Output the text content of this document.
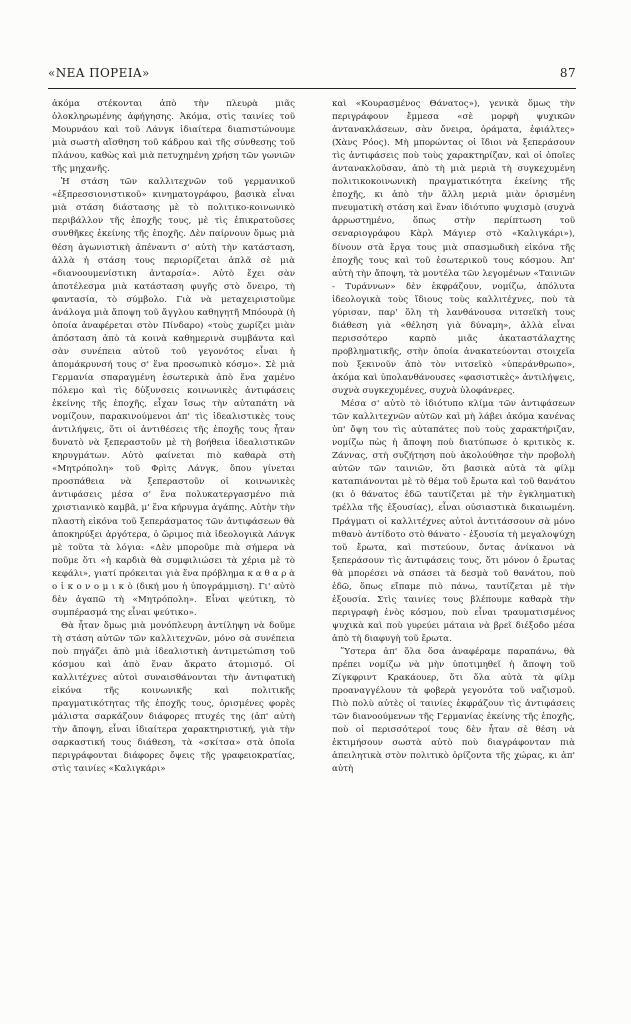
«ΝΕΑ ΠΟΡΕΙΑ»	87

ἀκόμα στέκονται ἀπὸ τὴν πλευρὰ μιᾶς ὁλοκληρωμένης ἀφήγησης. Ἀκόμα, στὶς ταινίες τοῦ Μουρνάου καὶ τοῦ Λάνγκ ἰδιαίτερα διαπιστώνουμε μιὰ σωστὴ αἴσθηση τοῦ κάδρου καὶ τῆς σύνθεσης τοῦ πλάνου, καθὼς καὶ μιὰ πετυχημένη χρήση τῶν γωνιῶν τῆς μηχανῆς.

Ἡ στάση τῶν καλλιτεχνῶν τοῦ γερμανικοῦ «ἐξπρεσσιονιστικοῦ» κινηματογράφου, βασικὰ εἶναι μιὰ στάση διάστασης μὲ τὸ πολιτικο-κοινωνικὸ περιβάλλον τῆς ἐποχῆς τους, μὲ τὶς ἐπικρατοῦσες συνθῆκες ἐκείνης τῆς ἐποχῆς. Δὲν παίρνουν ὅμως μιὰ θέση ἀγωνιστικὴ ἀπέναντι σ' αὐτὴ τὴν κατάσταση, ἀλλὰ ἡ στάση τους περιορίζεται ἁπλᾶ σὲ μιὰ «διανοουμενίστικη ἀνταρσία». Αὐτὸ ἔχει σὰν ἀποτέλεσμα μιὰ κατάσταση φυγῆς στὸ ὄνειρο, τὴ φαντασία, τὸ σύμβολο. Γιὰ νὰ μεταχειριστοῦμε ἀνάλογα μιὰ ἄποψη τοῦ ἄγγλου καθηγητῆ Μπόουρὰ (ἡ ὁποία ἀναφέρεται στὸν Πίνδαρο) «τοὺς χωρίζει μιὰν ἀπόσταση ἀπὸ τὰ κοινὰ καθημερινὰ συμβάντα καὶ σὰν συνέπεια αὐτοῦ τοῦ γεγονότος εἶναι ἡ ἀπομάκρυνσή τους σ' ἕνα προσωπικὸ κόσμο». Σὲ μιὰ Γερμανία σπαραγμένη ἐσωτερικὰ ἀπὸ ἕνα χαμένο πόλεμο καὶ τὶς δὑξυνσεις κοινωνικὲς ἀντιφάσεις ἐκείνης τῆς ἐποχῆς, εἶχαν ἴσως τὴν αὐταπάτη νὰ νομίζουν, παρακινούμενοι ἀπ' τὶς ἰδεαλιστικὲς τους ἀντιλήψεις, ὅτι οἱ ἀντιθέσεις τῆς ἐποχῆς τους ἦταν δυνατὸ νὰ ξεπεραστοῦν μὲ τὴ βοήθεια ἰδεαλιστικῶν κηρυγμάτων. Αὐτὸ φαίνεται πιὸ καθαρὰ στὴ «Μητρόπολη» τοῦ Φρὶτς Λάνγκ, ὅπου γίνεται προσπάθεια νὰ ξεπεραστοῦν οἱ κοινωνικὲς ἀντιφάσεις μέσα σ' ἕνα πολυκατεργασμένο πιὰ χριστιανικὸ καμβᾶ, μ' ἕνα κήρυγμα ἀγάπης. Αὐτὴν τὴν πλαστὴ εἰκόνα τοῦ ξεπεράσματος τῶν ἀντιφάσεων θὰ ἀποκηρύξει ἀργότερα, ὁ ὥριμος πιὰ ἰδεολογικὰ Λάνγκ μὲ τοῦτα τὰ λόγια: «Δὲν μποροῦμε πιὰ σήμερα νὰ ποῦμε ὅτι «ἡ καρδιὰ θὰ συμφιλιώσει τὰ χέρια μὲ τὸ κεφάλι», γιατί πρόκειται γιὰ ἕνα πρόβλημα κ α θ α ρ ὰ ο ἰ κ ο ν ο μ ι κ ὸ (δική μου ἡ ὑπογράμμιση). Γι' αὐτὸ δὲν ἀγαπῶ τὴ «Μητρόπολη». Εἶναι ψεύτικη, τὸ συμπέρασμά της εἶναι ψεύτικο».

Θὰ ἦταν ὅμως μιὰ μονόπλευρη ἀντίληψη νὰ δοῦμε τὴ στάση αὐτῶν τῶν καλλιτεχνῶν, μόνο σὰ συνέπεια ποὺ πηγάζει ἀπὸ μιὰ ἰδεαλιστικὴ ἀντιμετώπιση τοῦ κόσμου καὶ ἀπὸ ἕναν ἄκρατο ἀτομισμό. Οἱ καλλιτέχνες αὐτοὶ συναισθάνονται τὴν ἀντιφατικὴ εἰκόνα τῆς κοινωνικῆς καὶ πολιτικῆς πραγματικότητας τῆς ἐποχῆς τους, ὁρισμένες φορὲς μάλιστα σαρκάζουν διάφορες πτυχές της (ἀπ' αὐτὴ τὴν ἄποψη, εἶναι ἰδιαίτερα χαρακτηριστική, γιὰ τὴν σαρκαστική τους διάθεση, τὰ «σκίτσα» στὰ ὁποῖα περιγράφονται διάφορες ὄψεις τῆς γραφειοκρατίας, στὶς ταινίες «Καλιγκάρι»

καὶ «Κουρασμένος Θάνατος»), γενικὰ ὅμως τὴν περιγράφουν ἔμμεσα «σὲ μορφὴ ψυχικῶν ἀντανακλάσεων, σὰν ὄνειρα, ὁράματα, ἐφιάλτες» (Χὰνς Ρόος). Μὴ μπορώντας οἱ ἴδιοι νὰ ξεπεράσουν τὶς ἀντιφάσεις ποὺ τοὺς χαρακτηρίζαν, καὶ οἱ ὁποῖες ἀντανακλοῦσαν, ἀπὸ τὴ μιὰ μεριὰ τὴ συγκεχυμένη πολιτικοκοινωνικὴ πραγματικότητα ἐκείνης τῆς ἐποχῆς, κι ἀπὸ τὴν ἄλλη μεριὰ μιὰν ὁρισμένη πνευματικὴ στάση καὶ ἕναν ἰδιότυπο ψυχισμὸ (συχνὰ ἀρρωστημένο, ὅπως στὴν περίπτωση τοῦ σεναριογράφου Κὰρλ Μάγιερ στὸ «Καλιγκάρι»), δίνουν στὰ ἔργα τους μιὰ σπασμωδικὴ εἰκόνα τῆς ἐποχῆς τους καὶ τοῦ ἐσωτερικοῦ τους κόσμου. Ἀπ' αὐτὴ τὴν ἄποψη, τὰ μοντέλα τῶν λεγομένων «Ταινιῶν - Τυράννων» δὲν ἐκφράζουν, νομίζω, ἀπόλυτα ἰδεολογικὰ τοὺς ἴδιους τοὺς καλλιτέχνες, ποὺ τὰ γύρισαν, παρ' ὅλη τὴ λανθάνουσα νιτσεϊκὴ τους διάθεση γιὰ «θέληση γιὰ δύναμη», ἀλλὰ εἶναι περισσότερο καρπὸ μιᾶς ἀκαταστάλαχτης προβληματικῆς, στὴν ὁποία ἀνακατεύονται στοιχεῖα ποὺ ξεκινοῦν ἀπὸ τὸν νιτσεϊκὸ «ὑπεράνθρωπο», ἀκόμα καὶ ὑπολανθάνουσες «φασιστικὲς» ἀντιλήψεις, συχνὰ συγκεχυμένες, συχνὰ ὑλοφάνερες.

Μέσα σ' αὐτὸ τὸ ἰδιότυπο κλίμα τῶν ἀντιφάσεων τῶν καλλιτεχνῶν αὐτῶν καὶ μὴ λάβει ἀκόμα κανένας ὑπ' ὄψη του τὶς αὐταπάτες ποὺ τοὺς χαρακτήριζαν, νομίζω πὼς ἡ ἄποψη ποὺ διατύπωσε ὁ κριτικὸς κ. Ζάννας, στὴ συζήτηση ποὺ ἀκολούθησε τὴν προβολὴ αὐτῶν τῶν ταινιῶν, ὅτι βασικὰ αὐτὰ τὰ φίλμ καταπιάνονται μὲ τὸ θέμα τοῦ ἔρωτα καὶ τοῦ θανάτου (κι ὁ θάνατος ἐδῶ ταυτίζεται μὲ τὴν ἐγκληματικὴ τρέλλα τῆς ἐξουσίας), εἶναι οὐσιαστικὰ δικαιωμένη. Πράγματι οἱ καλλιτέχνες αὐτοὶ ἀντιτάσσουν σὰ μόνο πιθανὸ ἀντίδοτο στὸ θάνατο - ἐξουσία τὴ μεγαλοψύχη τοῦ ἔρωτα, καὶ πιστεύουν, ὄντας ἀνίκανοι νὰ ξεπεράσουν τὶς ἀντιφάσεις τους, ὅτι μόνον ὁ ἔρωτας θὰ μπορέσει νὰ σπάσει τὰ δεσμὰ τοῦ θανάτου, ποὺ ἐδῶ, ὅπως εἴπαμε πιὸ πάνω, ταυτίζεται μὲ τὴν ἐξουσία. Στὶς ταινίες τους βλέπουμε καθαρὰ τὴν περιγραφὴ ἑνὸς κόσμου, ποὺ εἶναι τραυματισμένος ψυχικὰ καὶ ποὺ γυρεύει μάταια νὰ βρεῖ διέξοδο μέσα ἀπὸ τὴ διαφυγὴ τοῦ ἔρωτα.

Ὕστερα ἀπ' ὅλα ὅσα ἀναφέραμε παραπάνω, θὰ πρέπει νομίζω νὰ μὴν ὑποτιμηθεῖ ἡ ἄποψη τοῦ Ζίγκφριντ Κρακάουερ, ὅτι ὅλα αὐτὰ τὰ φίλμ προαναγγέλουν τὰ φοβερὰ γεγονότα τοῦ ναζισμοῦ. Πιὸ πολὺ αὐτὲς οἱ ταινίες ἐκφράζουν τὶς ἀντιφάσεις τῶν διανοούμενων τῆς Γερμανίας ἐκείνης τῆς ἐποχῆς, ποὺ οἱ περισσότεροί τους δὲν ἦταν σὲ θέση νὰ ἐκτιμήσουν σωστὰ αὐτὸ ποὺ διαγράφονταν πιὰ ἀπειλητικὰ στὸν πολιτικὸ ὁρίζοντα τῆς χώρας, κι ἀπ' αὐτὴ
